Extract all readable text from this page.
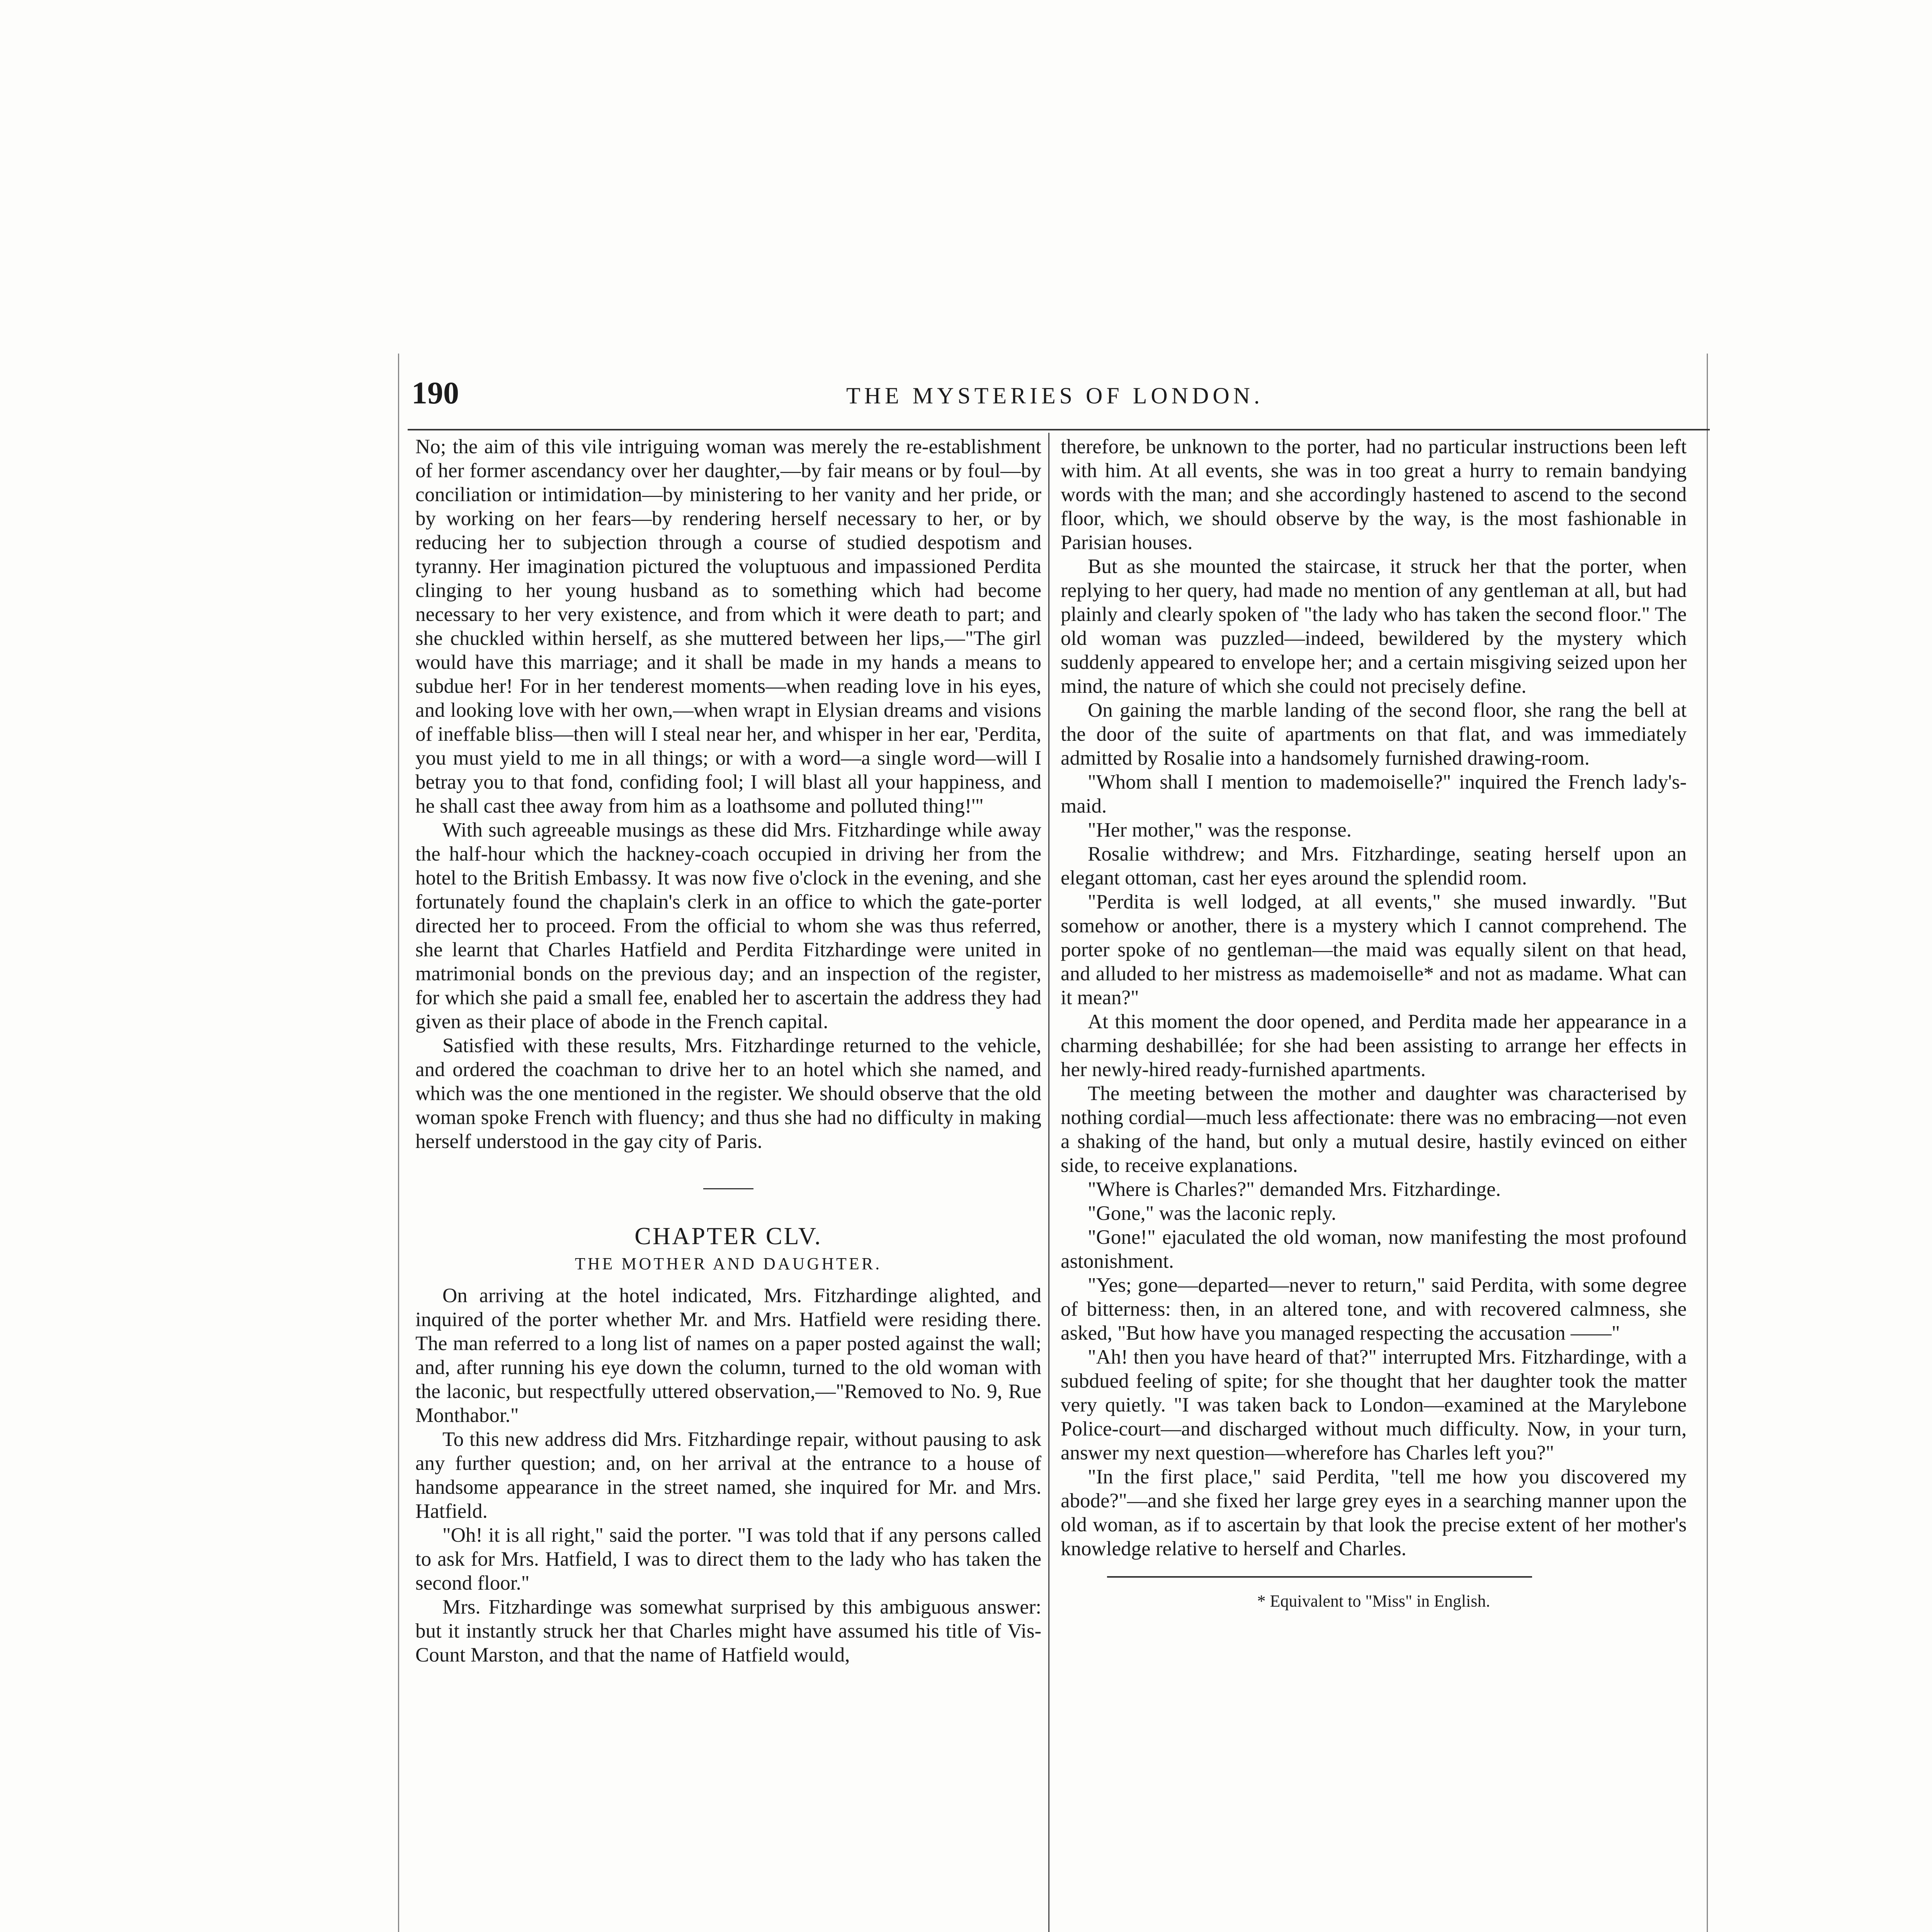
190	THE MYSTERIES OF LONDON.

No; the aim of this vile intriguing woman was merely the re-establishment of her former ascendancy over her daughter,—by fair means or by foul—by conciliation or intimidation—by ministering to her vanity and her pride, or by working on her fears—by rendering herself necessary to her, or by reducing her to subjection through a course of studied despotism and tyranny. Her imagination pictured the voluptuous and impassioned Perdita clinging to her young husband as to something which had become necessary to her very existence, and from which it were death to part; and she chuckled within herself, as she muttered between her lips,—"The girl would have this marriage; and it shall be made in my hands a means to subdue her! For in her tenderest moments—when reading love in his eyes, and looking love with her own,—when wrapt in Elysian dreams and visions of ineffable bliss—then will I steal near her, and whisper in her ear, 'Perdita, you must yield to me in all things; or with a word—a single word—will I betray you to that fond, confiding fool; I will blast all your happiness, and he shall cast thee away from him as a loathsome and polluted thing!'"

With such agreeable musings as these did Mrs. Fitzhardinge while away the half-hour which the hackney-coach occupied in driving her from the hotel to the British Embassy. It was now five o'clock in the evening, and she fortunately found the chaplain's clerk in an office to which the gate-porter directed her to proceed. From the official to whom she was thus referred, she learnt that Charles Hatfield and Perdita Fitzhardinge were united in matrimonial bonds on the previous day; and an inspection of the register, for which she paid a small fee, enabled her to ascertain the address they had given as their place of abode in the French capital.

Satisfied with these results, Mrs. Fitzhardinge returned to the vehicle, and ordered the coachman to drive her to an hotel which she named, and which was the one mentioned in the register. We should observe that the old woman spoke French with fluency; and thus she had no difficulty in making herself understood in the gay city of Paris.

CHAPTER CLV.
THE MOTHER AND DAUGHTER.

On arriving at the hotel indicated, Mrs. Fitzhardinge alighted, and inquired of the porter whether Mr. and Mrs. Hatfield were residing there. The man referred to a long list of names on a paper posted against the wall; and, after running his eye down the column, turned to the old woman with the laconic, but respectfully uttered observation,—"Removed to No. 9, Rue Monthabor."

To this new address did Mrs. Fitzhardinge repair, without pausing to ask any further question; and, on her arrival at the entrance to a house of handsome appearance in the street named, she inquired for Mr. and Mrs. Hatfield.

"Oh! it is all right," said the porter. "I was told that if any persons called to ask for Mrs. Hatfield, I was to direct them to the lady who has taken the second floor."

Mrs. Fitzhardinge was somewhat surprised by this ambiguous answer: but it instantly struck her that Charles might have assumed his title of Vis-Count Marston, and that the name of Hatfield would,

therefore, be unknown to the porter, had no particular instructions been left with him. At all events, she was in too great a hurry to remain bandying words with the man; and she accordingly hastened to ascend to the second floor, which, we should observe by the way, is the most fashionable in Parisian houses.

But as she mounted the staircase, it struck her that the porter, when replying to her query, had made no mention of any gentleman at all, but had plainly and clearly spoken of "the lady who has taken the second floor." The old woman was puzzled—indeed, bewildered by the mystery which suddenly appeared to envelope her; and a certain misgiving seized upon her mind, the nature of which she could not precisely define.

On gaining the marble landing of the second floor, she rang the bell at the door of the suite of apartments on that flat, and was immediately admitted by Rosalie into a handsomely furnished drawing-room.

"Whom shall I mention to mademoiselle?" inquired the French lady's-maid.

"Her mother," was the response.

Rosalie withdrew; and Mrs. Fitzhardinge, seating herself upon an elegant ottoman, cast her eyes around the splendid room.

"Perdita is well lodged, at all events," she mused inwardly. "But somehow or another, there is a mystery which I cannot comprehend. The porter spoke of no gentleman—the maid was equally silent on that head, and alluded to her mistress as mademoiselle* and not as madame. What can it mean?"

At this moment the door opened, and Perdita made her appearance in a charming deshabillée; for she had been assisting to arrange her effects in her newly-hired ready-furnished apartments.

The meeting between the mother and daughter was characterised by nothing cordial—much less affectionate: there was no embracing—not even a shaking of the hand, but only a mutual desire, hastily evinced on either side, to receive explanations.

"Where is Charles?" demanded Mrs. Fitzhardinge.

"Gone," was the laconic reply.

"Gone!" ejaculated the old woman, now manifesting the most profound astonishment.

"Yes; gone—departed—never to return," said Perdita, with some degree of bitterness: then, in an altered tone, and with recovered calmness, she asked, "But how have you managed respecting the accusation ——"

"Ah! then you have heard of that?" interrupted Mrs. Fitzhardinge, with a subdued feeling of spite; for she thought that her daughter took the matter very quietly. "I was taken back to London—examined at the Marylebone Police-court—and discharged without much difficulty. Now, in your turn, answer my next question—wherefore has Charles left you?"

"In the first place," said Perdita, "tell me how you discovered my abode?"—and she fixed her large grey eyes in a searching manner upon the old woman, as if to ascertain by that look the precise extent of her mother's knowledge relative to herself and Charles.

* Equivalent to "Miss" in English.
